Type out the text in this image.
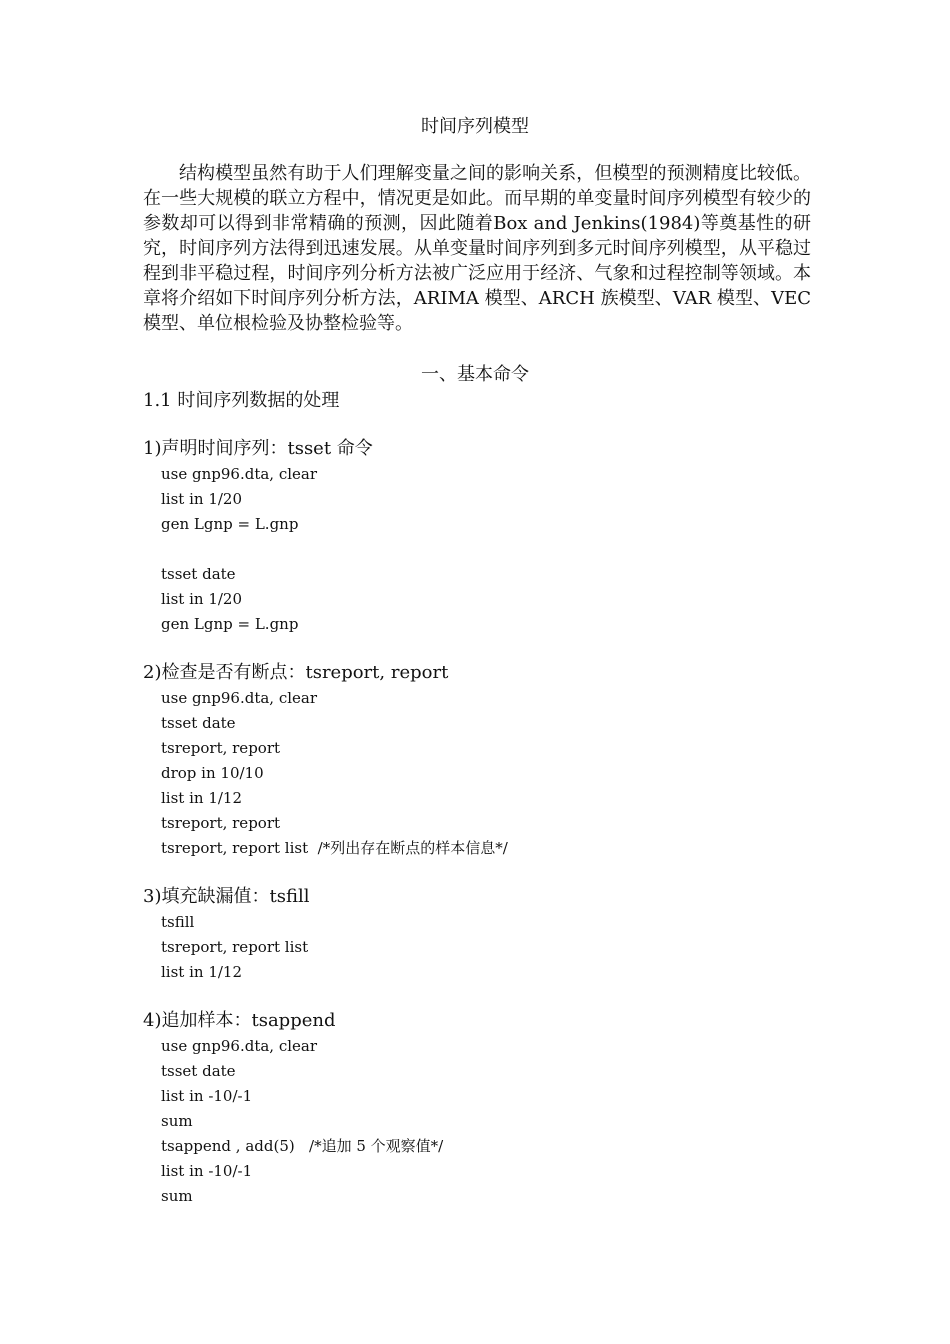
时间序列模型

结构模型虽然有助于人们理解变量之间的影响关系，但模型的预测精度比较低。在一些大规模的联立方程中，情况更是如此。而早期的单变量时间序列模型有较少的参数却可以得到非常精确的预测，因此随着Box and Jenkins(1984)等奠基性的研究，时间序列方法得到迅速发展。从单变量时间序列到多元时间序列模型，从平稳过程到非平稳过程，时间序列分析方法被广泛应用于经济、气象和过程控制等领域。本章将介绍如下时间序列分析方法，ARIMA 模型、ARCH 族模型、VAR 模型、VEC 模型、单位根检验及协整检验等。

一、基本命令
1.1 时间序列数据的处理
1)声明时间序列：tsset 命令
use gnp96.dta, clear
list in 1/20
gen Lgnp = L.gnp
tsset date
list in 1/20
gen Lgnp = L.gnp
2)检查是否有断点：tsreport, report
use gnp96.dta, clear
tsset date
tsreport, report
drop in 10/10
list in 1/12
tsreport, report
tsreport, report list  /*列出存在断点的样本信息*/
3)填充缺漏值：tsfill
tsfill
tsreport, report list
list in 1/12
4)追加样本：tsappend
use gnp96.dta, clear
tsset date
list in -10/-1
sum
tsappend , add(5)   /*追加 5 个观察值*/
list in -10/-1
sum
